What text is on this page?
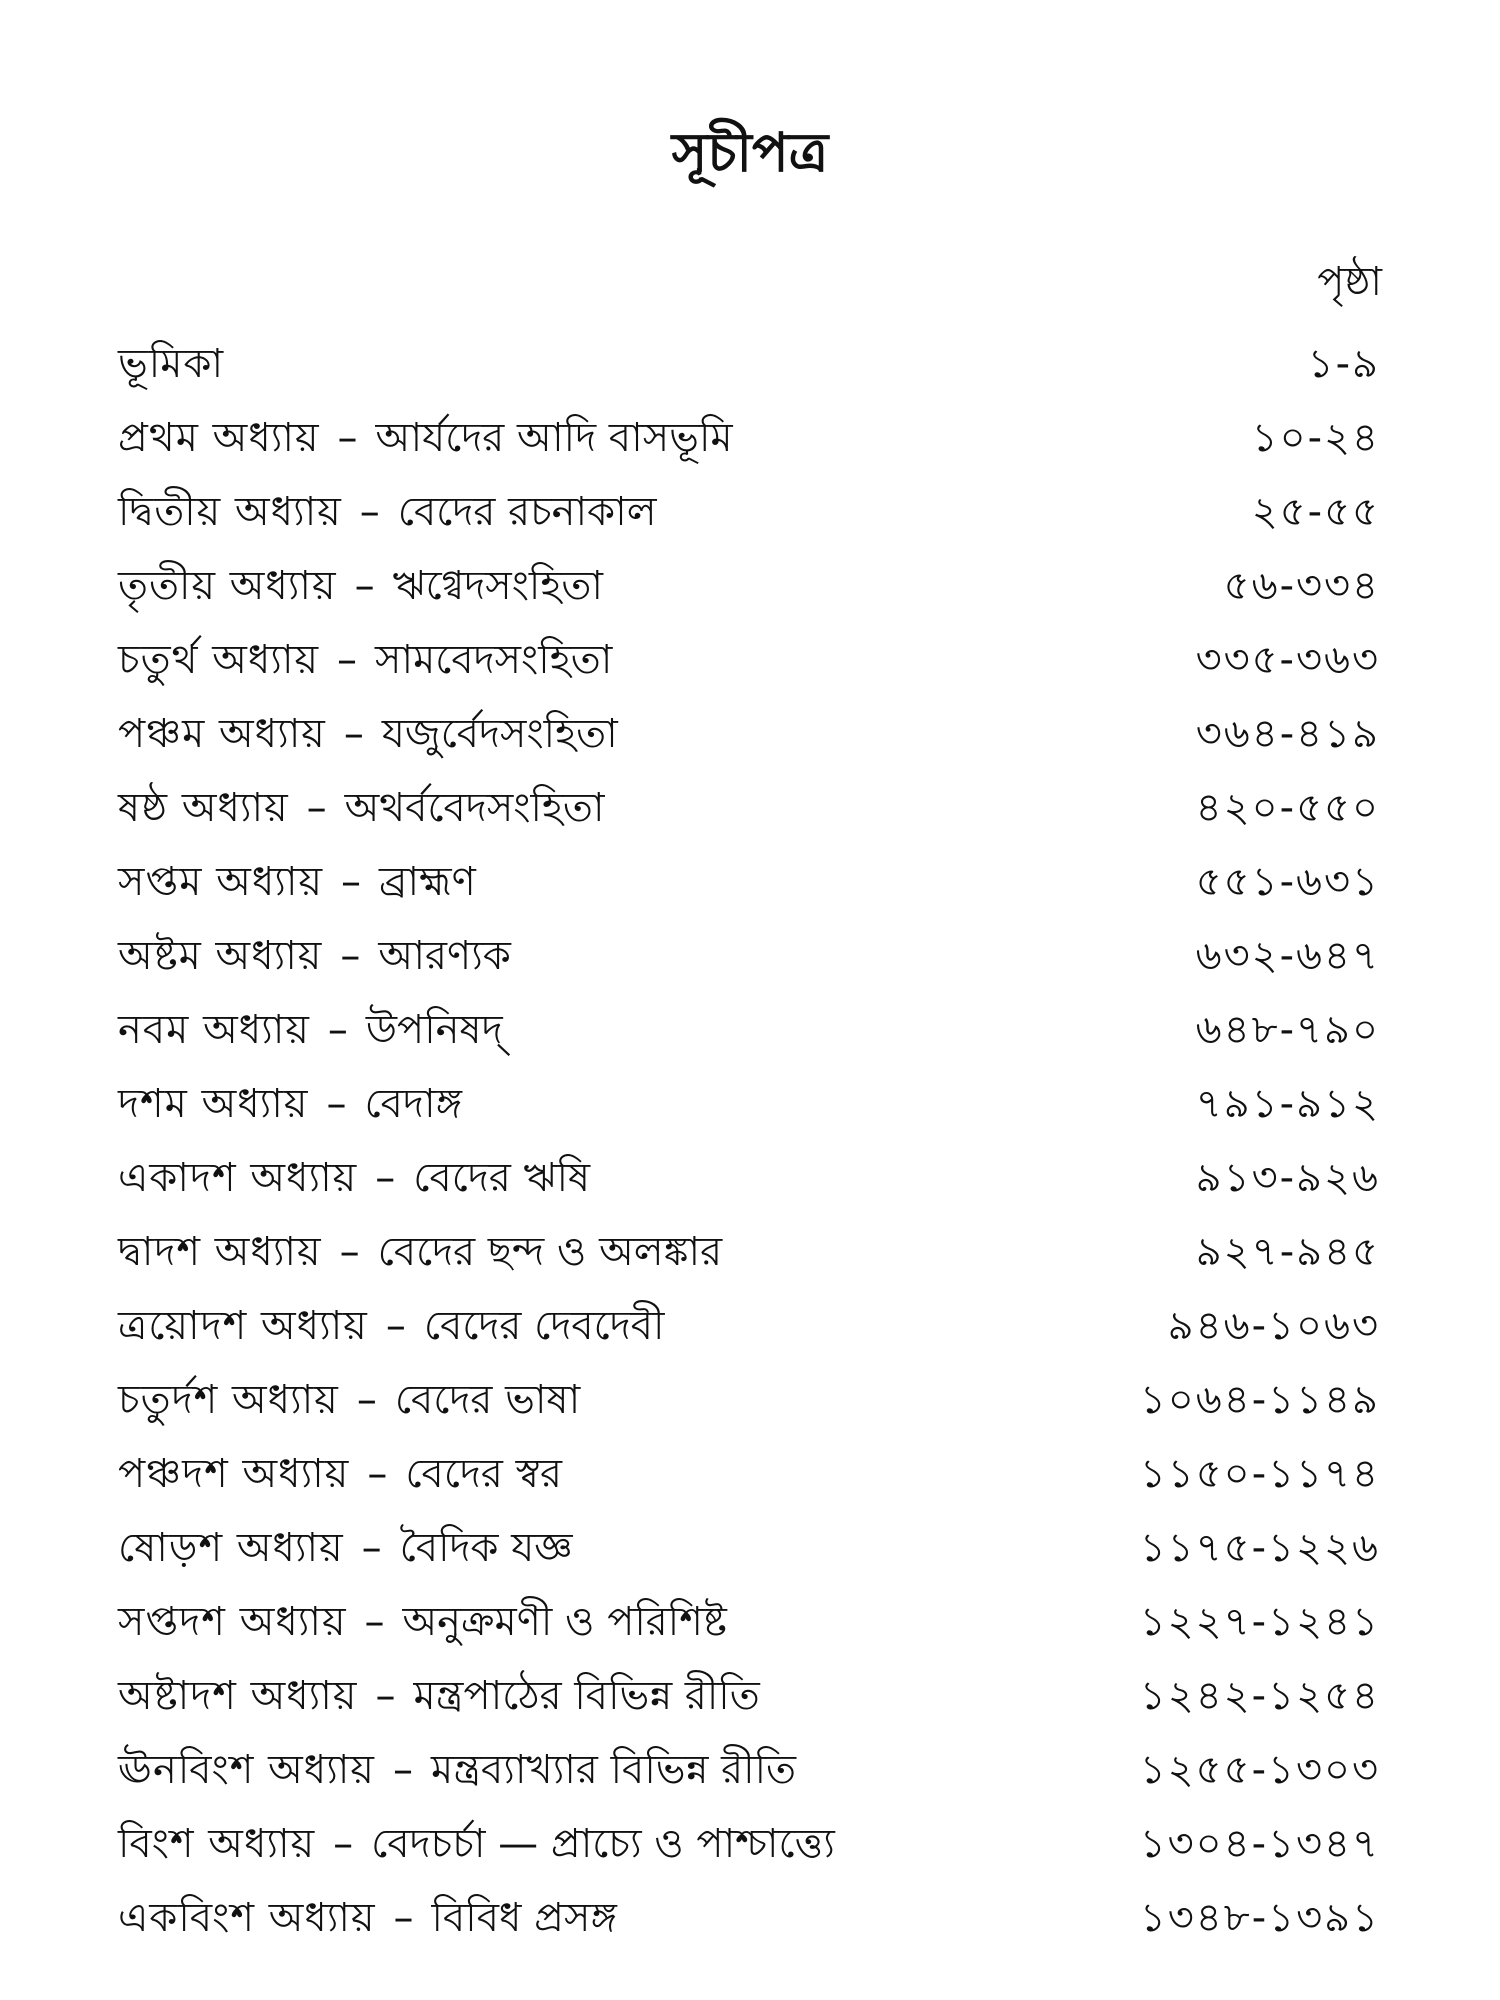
সূচীপত্র
পৃষ্ঠা
ভূমিকা	১-৯
প্রথম অধ্যায় – আর্যদের আদি বাসভূমি	১০-২৪
দ্বিতীয় অধ্যায় – বেদের রচনাকাল	২৫-৫৫
তৃতীয় অধ্যায় – ঋগ্বেদসংহিতা	৫৬-৩৩৪
চতুর্থ অধ্যায় – সামবেদসংহিতা	৩৩৫-৩৬৩
পঞ্চম অধ্যায় – যজুর্বেদসংহিতা	৩৬৪-৪১৯
ষষ্ঠ অধ্যায় – অথর্ববেদসংহিতা	৪২০-৫৫০
সপ্তম অধ্যায় – ব্রাহ্মণ	৫৫১-৬৩১
অষ্টম অধ্যায় – আরণ্যক	৬৩২-৬৪৭
নবম অধ্যায় – উপনিষদ্	৬৪৮-৭৯০
দশম অধ্যায় – বেদাঙ্গ	৭৯১-৯১২
একাদশ অধ্যায় – বেদের ঋষি	৯১৩-৯২৬
দ্বাদশ অধ্যায় – বেদের ছন্দ ও অলঙ্কার	৯২৭-৯৪৫
ত্রয়োদশ অধ্যায় – বেদের দেবদেবী	৯৪৬-১০৬৩
চতুর্দশ অধ্যায় – বেদের ভাষা	১০৬৪-১১৪৯
পঞ্চদশ অধ্যায় – বেদের স্বর	১১৫০-১১৭৪
ষোড়শ অধ্যায় – বৈদিক যজ্ঞ	১১৭৫-১২২৬
সপ্তদশ অধ্যায় – অনুক্রমণী ও পরিশিষ্ট	১২২৭-১২৪১
অষ্টাদশ অধ্যায় – মন্ত্রপাঠের বিভিন্ন রীতি	১২৪২-১২৫৪
ঊনবিংশ অধ্যায় – মন্ত্রব্যাখ্যার বিভিন্ন রীতি	১২৫৫-১৩০৩
বিংশ অধ্যায় – বেদচর্চা — প্রাচ্যে ও পাশ্চাত্ত্যে	১৩০৪-১৩৪৭
একবিংশ অধ্যায় – বিবিধ প্রসঙ্গ	১৩৪৮-১৩৯১
